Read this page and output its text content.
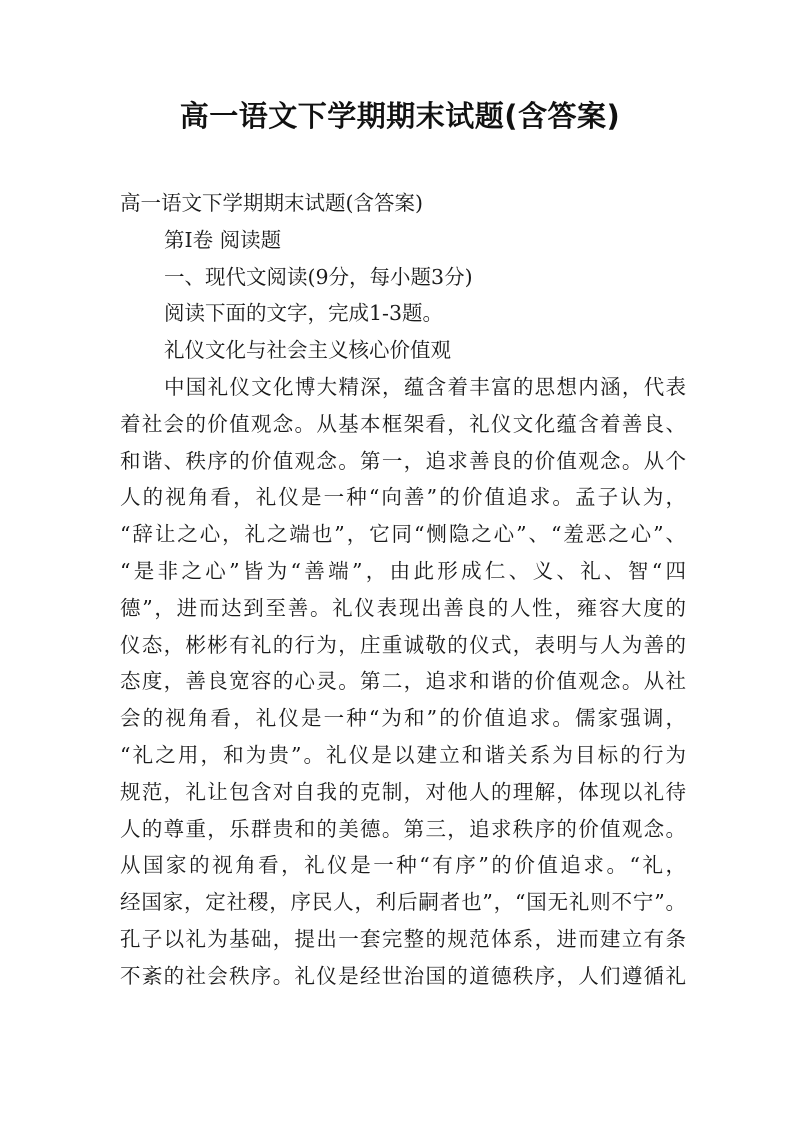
高一语文下学期期末试题(含答案)
高一语文下学期期末试题(含答案)
第Ⅰ卷 阅读题
一、现代文阅读(9分，每小题3分)
阅读下面的文字，完成1-3题。
礼仪文化与社会主义核心价值观
中国礼仪文化博大精深，蕴含着丰富的思想内涵，代表
着社会的价值观念。从基本框架看，礼仪文化蕴含着善良、
和谐、秩序的价值观念。第一，追求善良的价值观念。从个
人的视角看，礼仪是一种“向善”的价值追求。孟子认为，
“辞让之心，礼之端也”，它同“恻隐之心”、“羞恶之心”、
“是非之心”皆为“善端”，由此形成仁、义、礼、智“四
德”，进而达到至善。礼仪表现出善良的人性，雍容大度的
仪态，彬彬有礼的行为，庄重诚敬的仪式，表明与人为善的
态度，善良宽容的心灵。第二，追求和谐的价值观念。从社
会的视角看，礼仪是一种“为和”的价值追求。儒家强调，
“礼之用，和为贵”。礼仪是以建立和谐关系为目标的行为
规范，礼让包含对自我的克制，对他人的理解，体现以礼待
人的尊重，乐群贵和的美德。第三，追求秩序的价值观念。
从国家的视角看，礼仪是一种“有序”的价值追求。“礼，
经国家，定社稷，序民人，利后嗣者也”，“国无礼则不宁”。
孔子以礼为基础，提出一套完整的规范体系，进而建立有条
不紊的社会秩序。礼仪是经世治国的道德秩序，人们遵循礼
